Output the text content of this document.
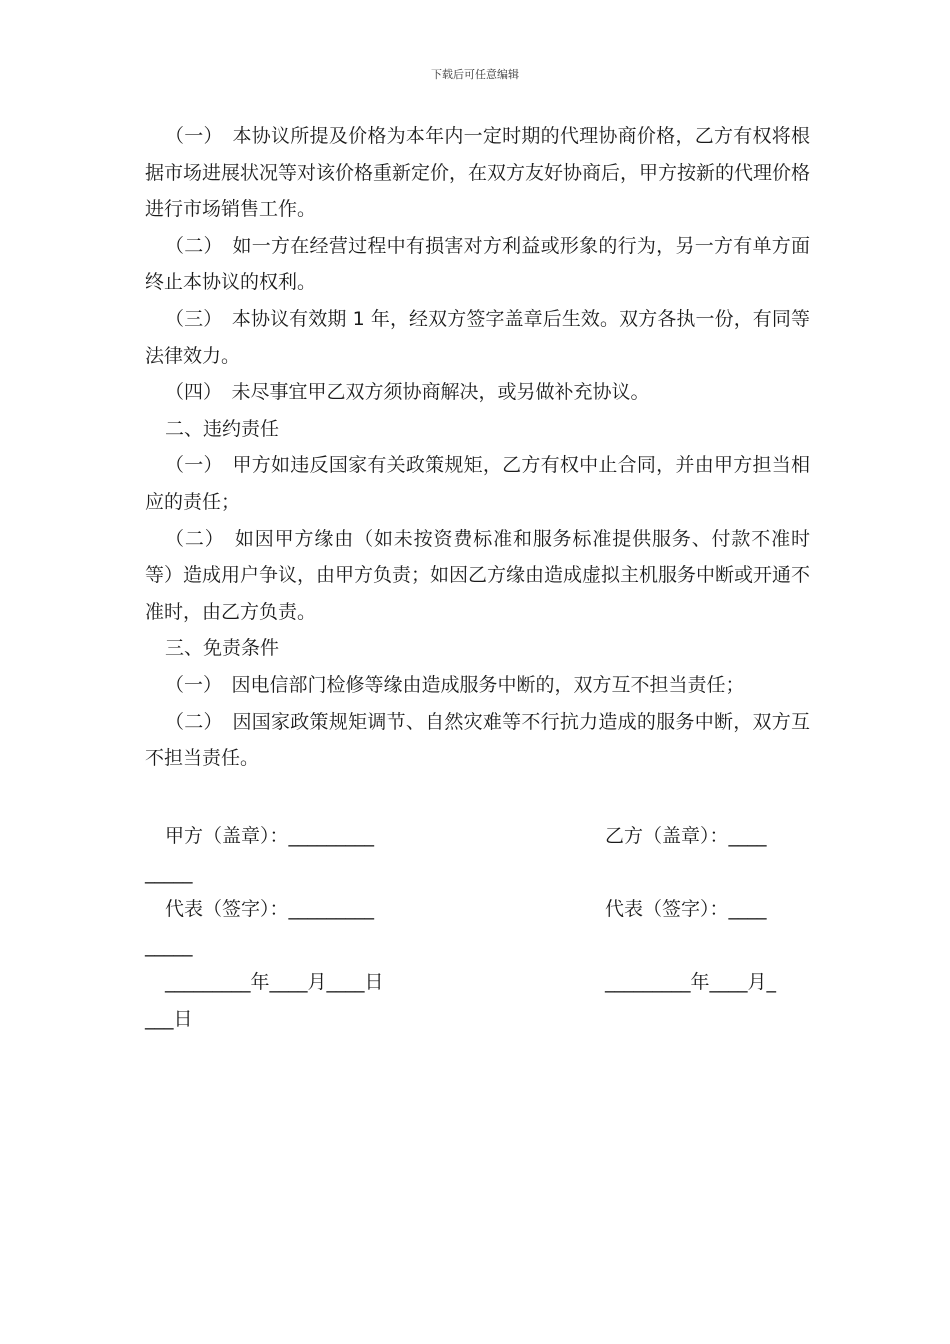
下载后可任意编辑

（一）　本协议所提及价格为本年内一定时期的代理协商价格，乙方有权将根据市场进展状况等对该价格重新定价，在双方友好协商后，甲方按新的代理价格进行市场销售工作。

（二）　如一方在经营过程中有损害对方利益或形象的行为，另一方有单方面终止本协议的权利。

（三）　本协议有效期 1 年，经双方签字盖章后生效。双方各执一份，有同等法律效力。

（四）　未尽事宜甲乙双方须协商解决，或另做补充协议。

二、违约责任

（一）　甲方如违反国家有关政策规矩，乙方有权中止合同，并由甲方担当相应的责任；

（二）　如因甲方缘由（如未按资费标准和服务标准提供服务、付款不准时等）造成用户争议，由甲方负责；如因乙方缘由造成虚拟主机服务中断或开通不准时，由乙方负责。

三、免责条件

（一）　因电信部门检修等缘由造成服务中断的，双方互不担当责任；

（二）　因国家政策规矩调节、自然灾难等不行抗力造成的服务中断，双方互不担当责任。

甲方（盖章）：_________	乙方（盖章）：____
_____
代表（签字）：_________	代表（签字）：____
_____
_________年____月____日	_________年____月_
___日
